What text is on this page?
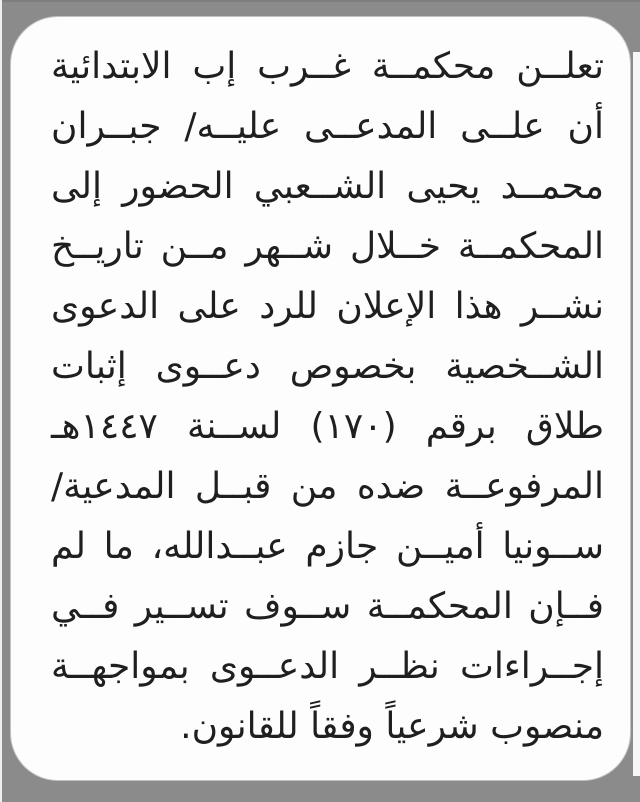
تعلــن محكمــة غــرب إب الابتدائية
أن علــى المدعــى عليــه/ جبــران
محمــد يحيى الشــعبي الحضور إلى
المحكمــة خــلال شــهر مــن تاريــخ
نشــر هذا الإعلان للرد على الدعوى
الشــخصية بخصوص دعــوى إثبات
طلاق برقم (١٧٠) لســنة ١٤٤٧هـ
المرفوعــة ضده من قبــل المدعية/
ســونيا أميــن جازم عبــدالله، ما لم
فــإن المحكمــة ســوف تســير فــي
إجــراءات نظــر الدعــوى بمواجهــة
منصوب شرعياً وفقاً للقانون.
